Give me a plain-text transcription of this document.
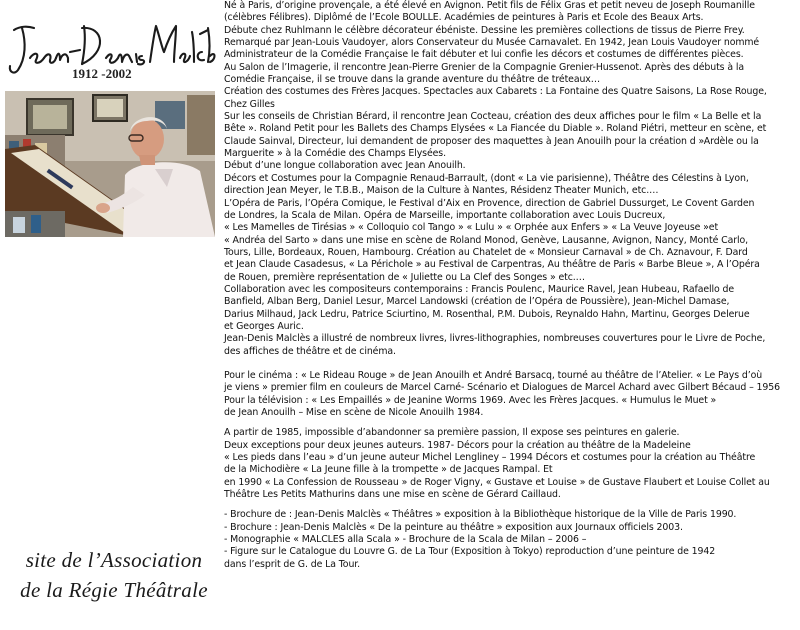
1912 -2002
site de l’Association
de la Régie Théâtrale

Né à Paris, d’origine provençale, a été élevé en Avignon. Petit fils de Félix Gras et petit neveu de Joseph Roumanille
(célèbres Félibres). Diplômé de l’Ecole BOULLE. Académies de peintures à Paris et Ecole des Beaux Arts.
Débute chez Ruhlmann le célèbre décorateur ébéniste. Dessine les premières collections de tissus de Pierre Frey.
Remarqué par Jean-Louis Vaudoyer, alors Conservateur du Musée Carnavalet. En 1942, Jean Louis Vaudoyer nommé
Administrateur de la Comédie Française le fait débuter et lui confie les décors et costumes de différentes pièces.
Au Salon de l’Imagerie, il rencontre Jean-Pierre Grenier de la Compagnie Grenier-Hussenot. Après des débuts à la
Comédie Française, il se trouve dans la grande aventure du théâtre de tréteaux…
Création des costumes des Frères Jacques. Spectacles aux Cabarets : La Fontaine des Quatre Saisons, La Rose Rouge,
Chez Gilles
Sur les conseils de Christian Bérard, il rencontre Jean Cocteau, création des deux affiches pour le film « La Belle et la
Bête ». Roland Petit pour les Ballets des Champs Elysées « La Fiancée du Diable ». Roland Piétri, metteur en scène, et
Claude Sainval, Directeur, lui demandent de proposer des maquettes à Jean Anouilh pour la création d »Ardèle ou la
Marguerite » à la Comédie des Champs Elysées.
Début d’une longue collaboration avec Jean Anouilh.
Décors et Costumes pour la Compagnie Renaud-Barrault, (dont « La vie parisienne), Théâtre des Célestins à Lyon,
direction Jean Meyer, le T.B.B., Maison de la Culture à Nantes, Résidenz Theater Munich, etc.…
L’Opéra de Paris, l’Opéra Comique, le Festival d’Aix en Provence, direction de Gabriel Dussurget, Le Covent Garden
de Londres, la Scala de Milan. Opéra de Marseille, importante collaboration avec Louis Ducreux,
« Les Mamelles de Tirésias » « Colloquio col Tango » « Lulu » « Orphée aux Enfers » « La Veuve Joyeuse »et
« Andréa del Sarto » dans une mise en scène de Roland Monod, Genève, Lausanne, Avignon, Nancy, Monté Carlo,
Tours, Lille, Bordeaux, Rouen, Hambourg. Création au Chatelet de « Monsieur Carnaval » de Ch. Aznavour, F. Dard
et Jean Claude Casadesus, « La Périchole » au Festival de Carpentras, Au théâtre de Paris « Barbe Bleue », A l’Opéra
de Rouen, première représentation de « Juliette ou La Clef des Songes » etc.…
Collaboration avec les compositeurs contemporains : Francis Poulenc, Maurice Ravel, Jean Hubeau, Rafaello de
Banfield, Alban Berg, Daniel Lesur, Marcel Landowski (création de l’Opéra de Poussière), Jean-Michel Damase,
Darius Milhaud, Jack Ledru, Patrice Sciurtino, M. Rosenthal, P.M. Dubois, Reynaldo Hahn, Martinu, Georges Delerue
et Georges Auric.
Jean-Denis Malclès a illustré de nombreux livres, livres-lithographies, nombreuses couvertures pour le Livre de Poche,
des affiches de théâtre et de cinéma.

Pour le cinéma : « Le Rideau Rouge » de Jean Anouilh et André Barsacq, tourné au théâtre de l’Atelier. « Le Pays d’où
je viens » premier film en couleurs de Marcel Carné- Scénario et Dialogues de Marcel Achard avec Gilbert Bécaud – 1956
Pour la télévision : « Les Empaillés » de Jeanine Worms 1969. Avec les Frères Jacques. « Humulus le Muet »
de Jean Anouilh – Mise en scène de Nicole Anouilh 1984.

A partir de 1985, impossible d’abandonner sa première passion, Il expose ses peintures en galerie.
Deux exceptions pour deux jeunes auteurs. 1987- Décors pour la création au théâtre de la Madeleine
« Les pieds dans l’eau » d’un jeune auteur Michel Lengliney – 1994 Décors et costumes pour la création au Théâtre
de la Michodière « La Jeune fille à la trompette » de Jacques Rampal. Et
en 1990 « La Confession de Rousseau » de Roger Vigny, « Gustave et Louise » de Gustave Flaubert et Louise Collet au
Théâtre Les Petits Mathurins dans une mise en scène de Gérard Caillaud.

- Brochure de : Jean-Denis Malclès « Théâtres » exposition à la Bibliothèque historique de la Ville de Paris 1990.
- Brochure : Jean-Denis Malclès « De la peinture au théâtre » exposition aux Journaux officiels 2003.
- Monographie « MALCLES alla Scala » - Brochure de la Scala de Milan – 2006 –
- Figure sur le Catalogue du Louvre G. de La Tour (Exposition à Tokyo) reproduction d’une peinture de 1942
dans l’esprit de G. de La Tour.
